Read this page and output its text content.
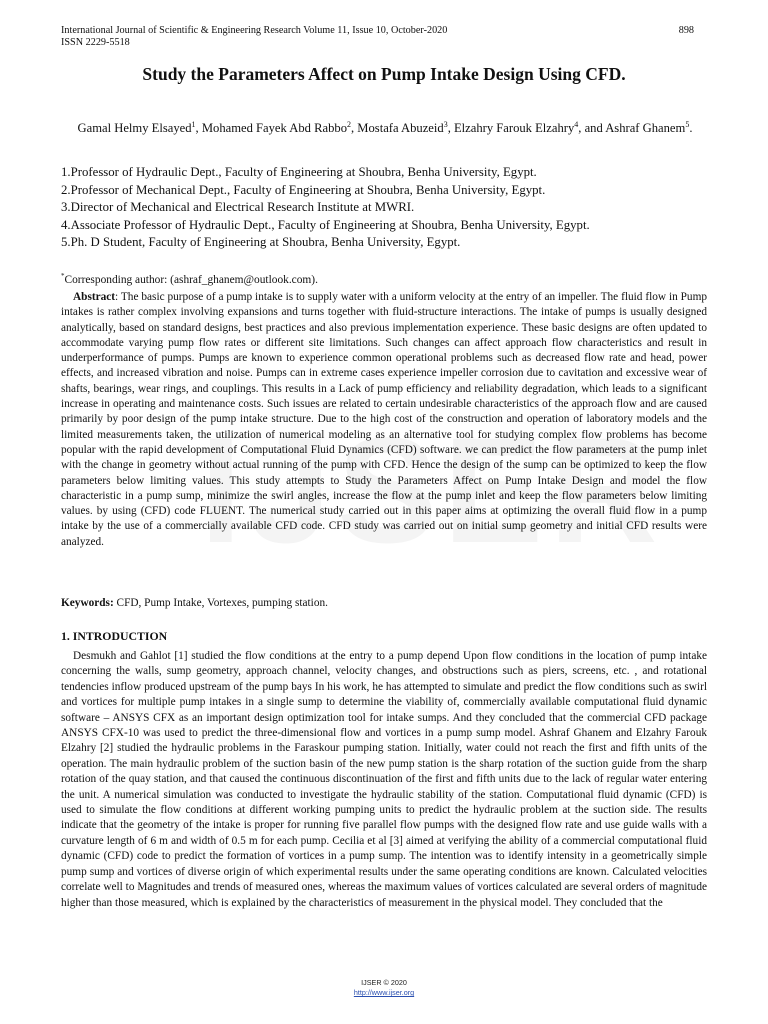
International Journal of Scientific & Engineering Research Volume 11, Issue 10, October-2020
ISSN 2229-5518
898
Study the Parameters Affect on Pump Intake Design Using CFD.
Gamal Helmy Elsayed$^1$, Mohamed Fayek Abd Rabbo$^2$, Mostafa Abuzeid$^3$, Elzahry Farouk Elzahry$^4$, and Ashraf Ghanem$^5$.
1.Professor of Hydraulic Dept., Faculty of Engineering at Shoubra, Benha University, Egypt.
2.Professor of Mechanical Dept., Faculty of Engineering at Shoubra, Benha University, Egypt.
3.Director of Mechanical and Electrical Research Institute at MWRI.
4.Associate Professor of Hydraulic Dept., Faculty of Engineering at Shoubra, Benha University, Egypt.
5.Ph. D Student, Faculty of Engineering at Shoubra, Benha University, Egypt.
*Corresponding author: (ashraf_ghanem@outlook.com).

Abstract: The basic purpose of a pump intake is to supply water with a uniform velocity at the entry of an impeller. The fluid flow in Pump intakes is rather complex involving expansions and turns together with fluid-structure interactions. The intake of pumps is usually designed analytically, based on standard designs, best practices and also previous implementation experience. These basic designs are often updated to accommodate varying pump flow rates or different site limitations. Such changes can affect approach flow characteristics and result in underperformance of pumps. Pumps are known to experience common operational problems such as decreased flow rate and head, power effects, and increased vibration and noise. Pumps can in extreme cases experience impeller corrosion due to cavitation and excessive wear of shafts, bearings, wear rings, and couplings. This results in a Lack of pump efficiency and reliability degradation, which leads to a significant increase in operating and maintenance costs. Such issues are related to certain undesirable characteristics of the approach flow and are caused primarily by poor design of the pump intake structure. Due to the high cost of the construction and operation of laboratory models and the limited measurements taken, the utilization of numerical modeling as an alternative tool for studying complex flow problems has become popular with the rapid development of Computational Fluid Dynamics (CFD) software. we can predict the flow parameters at the pump inlet with the change in geometry without actual running of the pump with CFD. Hence the design of the sump can be optimized to keep the flow parameters below limiting values. This study attempts to Study the Parameters Affect on Pump Intake Design and model the flow characteristic in a pump sump, minimize the swirl angles, increase the flow at the pump inlet and keep the flow parameters below limiting values. by using (CFD) code FLUENT. The numerical study carried out in this paper aims at optimizing the overall fluid flow in a pump intake by the use of a commercially available CFD code. CFD study was carried out on initial sump geometry and initial CFD results were analyzed.

Keywords: CFD, Pump Intake, Vortexes, pumping station.
1. INTRODUCTION

Desmukh and Gahlot [1] studied the flow conditions at the entry to a pump depend Upon flow conditions in the location of pump intake concerning the walls, sump geometry, approach channel, velocity changes, and obstructions such as piers, screens, etc. , and rotational tendencies inflow produced upstream of the pump bays In his work, he has attempted to simulate and predict the flow conditions such as swirl and vortices for multiple pump intakes in a single sump to determine the viability of, commercially available computational fluid dynamic software – ANSYS CFX as an important design optimization tool for intake sumps. And they concluded that the commercial CFD package ANSYS CFX-10 was used to predict the three-dimensional flow and vortices in a pump sump model. Ashraf Ghanem and Elzahry Farouk Elzahry [2] studied the hydraulic problems in the Faraskour pumping station. Initially, water could not reach the first and fifth units of the operation. The main hydraulic problem of the suction basin of the new pump station is the sharp rotation of the suction guide from the sharp rotation of the quay station, and that caused the continuous discontinuation of the first and fifth units due to the lack of regular water entering the unit. A numerical simulation was conducted to investigate the hydraulic stability of the station. Computational fluid dynamic (CFD) is used to simulate the flow conditions at different working pumping units to predict the hydraulic problem at the suction side. The results indicate that the geometry of the intake is proper for running five parallel flow pumps with the designed flow rate and use guide walls with a curvature length of 6 m and width of 0.5 m for each pump. Cecilia et al [3] aimed at verifying the ability of a commercial computational fluid dynamic (CFD) code to predict the formation of vortices in a pump sump. The intention was to identify intensity in a geometrically simple pump sump and vortices of diverse origin of which experimental results under the same operating conditions are known. Calculated velocities correlate well to Magnitudes and trends of measured ones, whereas the maximum values of vortices calculated are several orders of magnitude higher than those measured, which is explained by the characteristics of measurement in the physical model. They concluded that the

IJSER © 2020
http://www.ijser.org
